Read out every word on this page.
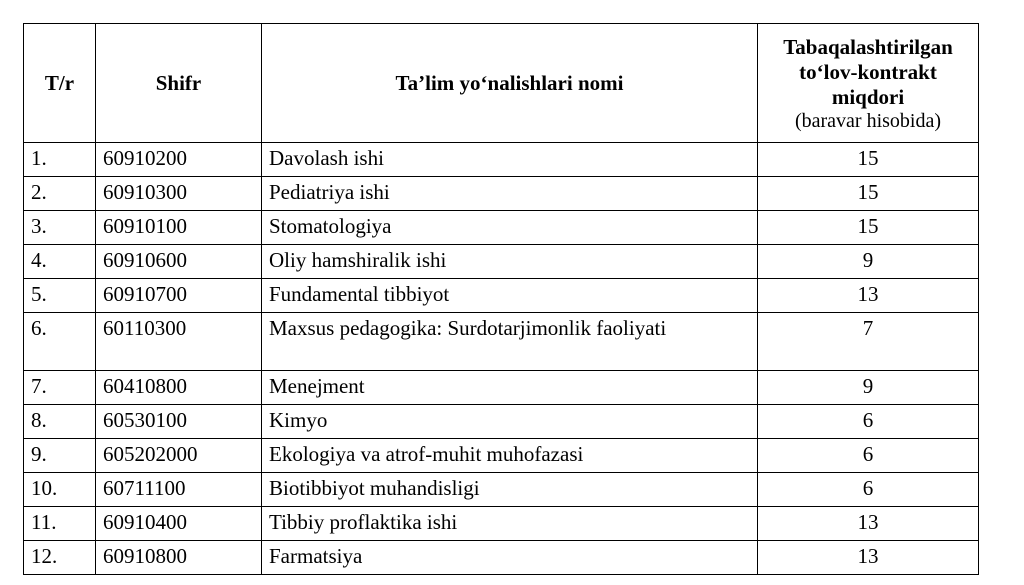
T/r	Shifr	Ta’lim yo‘nalishlari nomi	Tabaqalashtirilgan
to‘lov-kontrakt
miqdori
(baravar hisobida)

1.	60910200	Davolash ishi	15
2.	60910300	Pediatriya ishi	15
3.	60910100	Stomatologiya	15
4.	60910600	Oliy hamshiralik ishi	9
5.	60910700	Fundamental tibbiyot	13
6.	60110300	Maxsus pedagogika: Surdotarjimonlik faoliyati	7
7.	60410800	Menejment	9
8.	60530100	Kimyo	6
9.	605202000	Ekologiya va atrof-muhit muhofazasi	6
10.	60711100	Biotibbiyot muhandisligi	6
11.	60910400	Tibbiy proflaktika ishi	13
12.	60910800	Farmatsiya	13
